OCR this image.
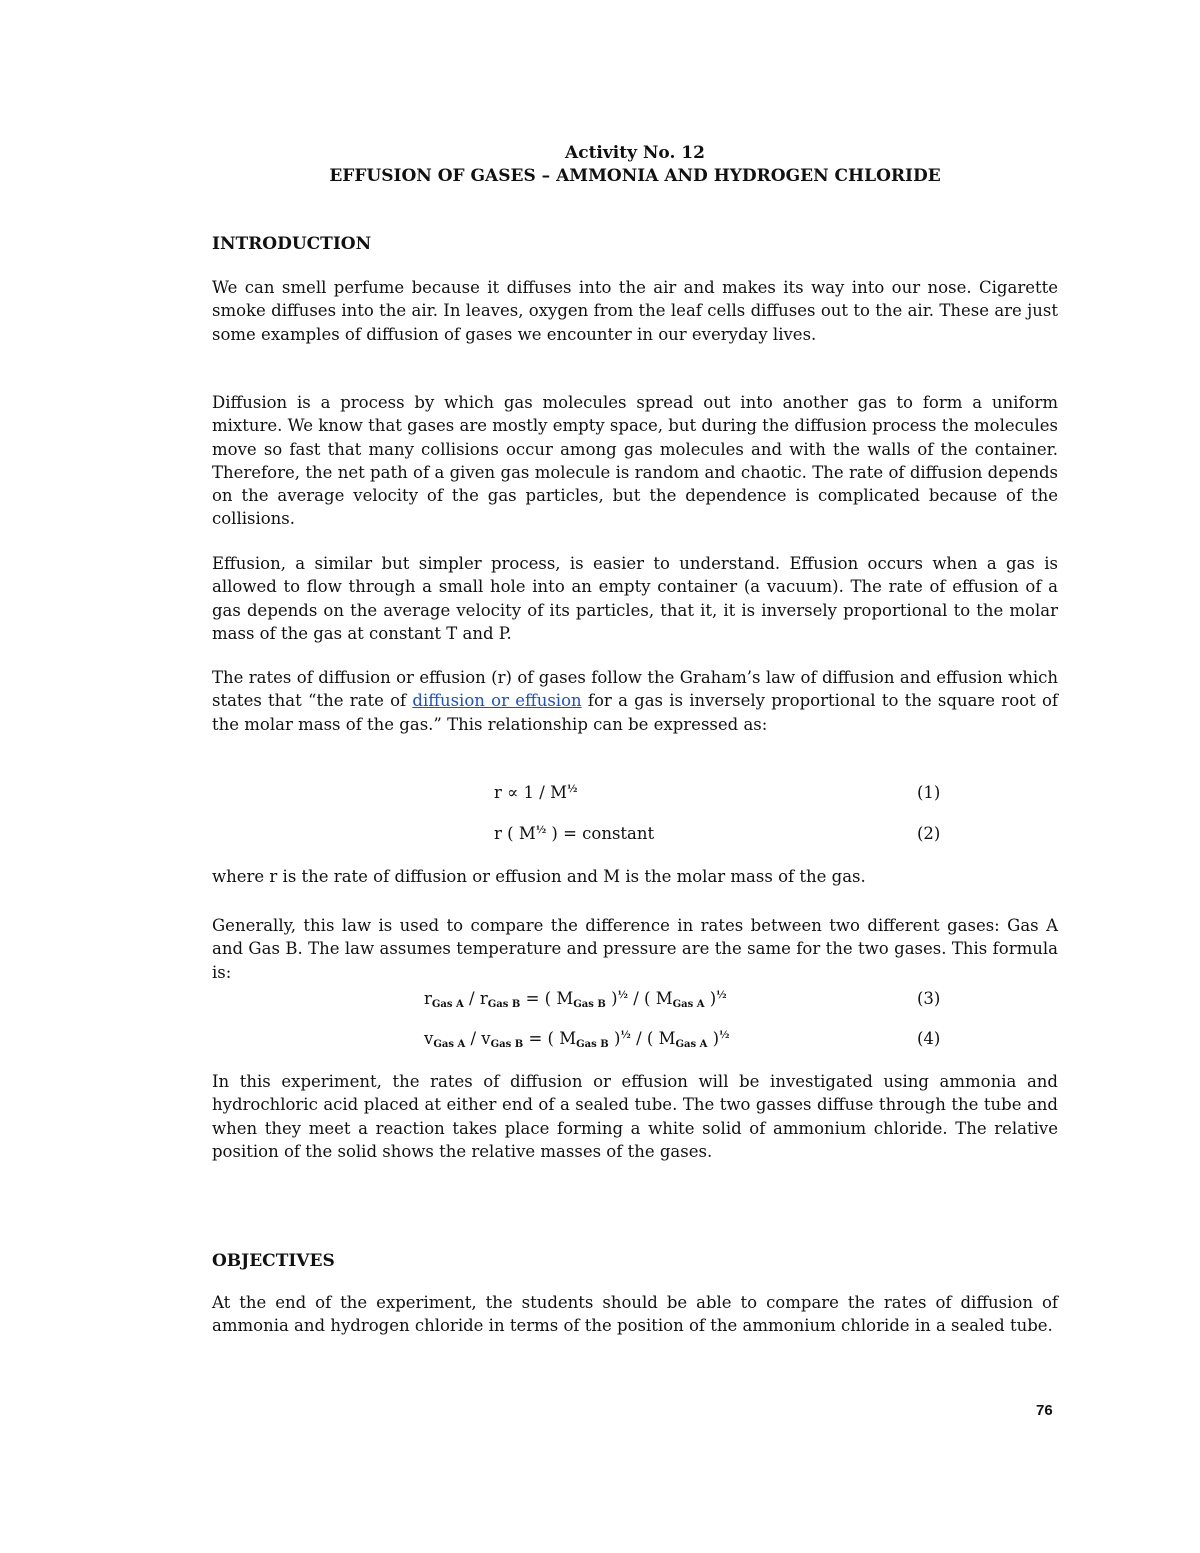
Activity No. 12
EFFUSION OF GASES – AMMONIA AND HYDROGEN CHLORIDE
INTRODUCTION
We can smell perfume because it diffuses into the air and makes its way into our nose. Cigarette smoke diffuses into the air. In leaves, oxygen from the leaf cells diffuses out to the air. These are just some examples of diffusion of gases we encounter in our everyday lives.
Diffusion is a process by which gas molecules spread out into another gas to form a uniform mixture. We know that gases are mostly empty space, but during the diffusion process the molecules move so fast that many collisions occur among gas molecules and with the walls of the container. Therefore, the net path of a given gas molecule is random and chaotic. The rate of diffusion depends on the average velocity of the gas particles, but the dependence is complicated because of the collisions.
Effusion, a similar but simpler process, is easier to understand. Effusion occurs when a gas is allowed to flow through a small hole into an empty container (a vacuum). The rate of effusion of a gas depends on the average velocity of its particles, that it, it is inversely proportional to the molar mass of the gas at constant T and P.
The rates of diffusion or effusion (r) of gases follow the Graham’s law of diffusion and effusion which states that “the rate of diffusion or effusion for a gas is inversely proportional to the square root of the molar mass of the gas.” This relationship can be expressed as:
$r \propto 1 / M^{\frac{1}{2}}$	(1)
r ( $M^{\frac{1}{2}}$ ) = constant	(2)
where r is the rate of diffusion or effusion and M is the molar mass of the gas.
Generally, this law is used to compare the difference in rates between two different gases: Gas A and Gas B. The law assumes temperature and pressure are the same for the two gases. This formula is:
rGas A / rGas B = ( MGas B )$^{\frac{1}{2}}$ / ( MGas A )$^{\frac{1}{2}}$	(3)
vGas A / vGas B = ( MGas B )$^{\frac{1}{2}}$ / ( MGas A )$^{\frac{1}{2}}$	(4)
In this experiment, the rates of diffusion or effusion will be investigated using ammonia and hydrochloric acid placed at either end of a sealed tube. The two gasses diffuse through the tube and when they meet a reaction takes place forming a white solid of ammonium chloride. The relative position of the solid shows the relative masses of the gases.
OBJECTIVES
At the end of the experiment, the students should be able to compare the rates of diffusion of ammonia and hydrogen chloride in terms of the position of the ammonium chloride in a sealed tube.
76
